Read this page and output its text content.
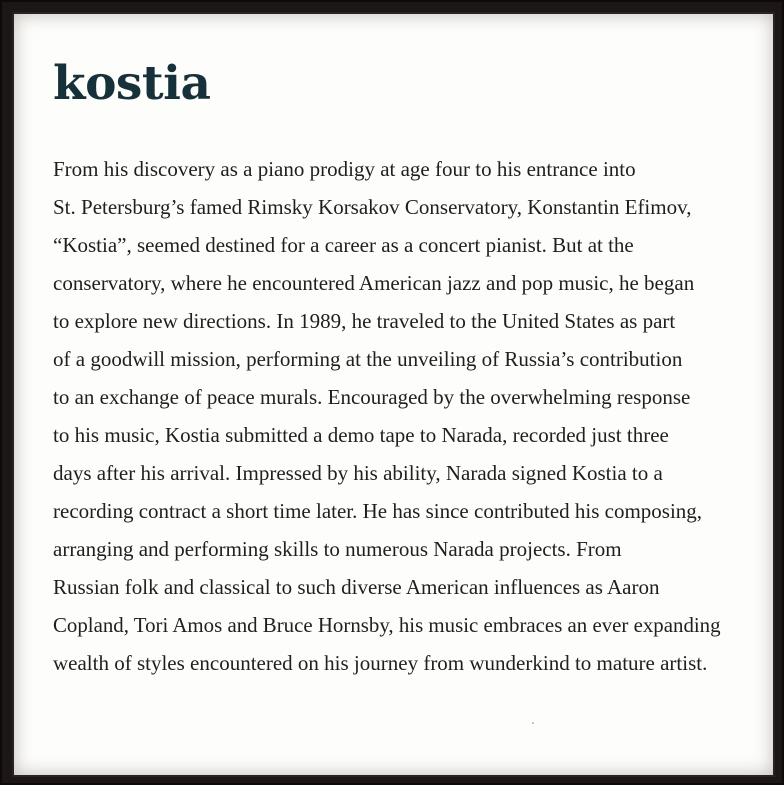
kostia
From his discovery as a piano prodigy at age four to his entrance into
St. Petersburg’s famed Rimsky Korsakov Conservatory, Konstantin Efimov,
“Kostia”, seemed destined for a career as a concert pianist. But at the
conservatory, where he encountered American jazz and pop music, he began
to explore new directions. In 1989, he traveled to the United States as part
of a goodwill mission, performing at the unveiling of Russia’s contribution
to an exchange of peace murals. Encouraged by the overwhelming response
to his music, Kostia submitted a demo tape to Narada, recorded just three
days after his arrival. Impressed by his ability, Narada signed Kostia to a
recording contract a short time later. He has since contributed his composing,
arranging and performing skills to numerous Narada projects. From
Russian folk and classical to such diverse American influences as Aaron
Copland, Tori Amos and Bruce Hornsby, his music embraces an ever expanding
wealth of styles encountered on his journey from wunderkind to mature artist.
